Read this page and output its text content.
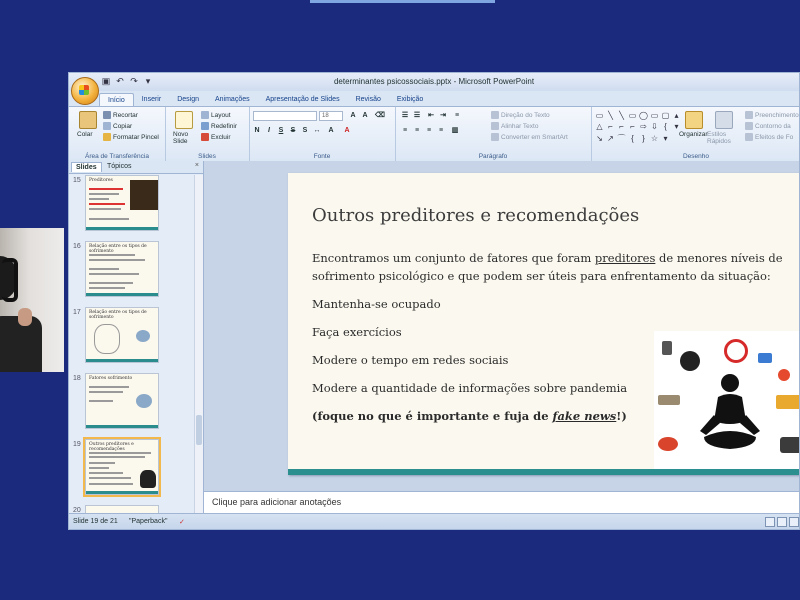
▣ ↶ ↷ ▾	determinantes psicossociais.pptx - Microsoft PowerPoint
Início	Inserir	Design	Animações	Apresentação de Slides	Revisão	Exibição
Colar
Recortar
Copiar
Formatar Pincel
Área de Transferência
Novo Slide
Layout
Redefinir
Excluir
Slides
18	A A ⌫
N	I	S S S ↔ A A
Fonte
☰ ☰ ⇤ ⇥ ≡
≡ ≡ ≡ ≡ ▥
Direção do Texto
Alinhar Texto
Converter em SmartArt
Parágrafo
▭ ╲ ╲ ▭ ◯ ▭ ▢ ▴
△ ⌐ ⌐ ⌐ ⇨ ⇩ { ▾
↘ ↗ ⌒ {	} ☆ ▾	Organizar Estilos Rápidos
Preenchimento
Contorno da
Efeitos de Fo
Desenho
Slides	Tópicos	×
15 Preditores
16 Relação entre os tipos de sofrimento
17 Relação entre os tipos de sofrimento
18 Fatores sofrimento
19 Outros preditores e recomendações
20
Outros preditores e recomendações

Encontramos um conjunto de fatores que foram preditores de menores níveis de sofrimento psicológico e que podem ser úteis para enfrentamento da situação:

Mantenha-se ocupado

Faça exercícios

Modere o tempo em redes sociais

Modere a quantidade de informações sobre pandemia

(foque no que é importante e fuja de fake news!)

Clique para adicionar anotações
Slide 19 de 21 "Paperback" ✓
